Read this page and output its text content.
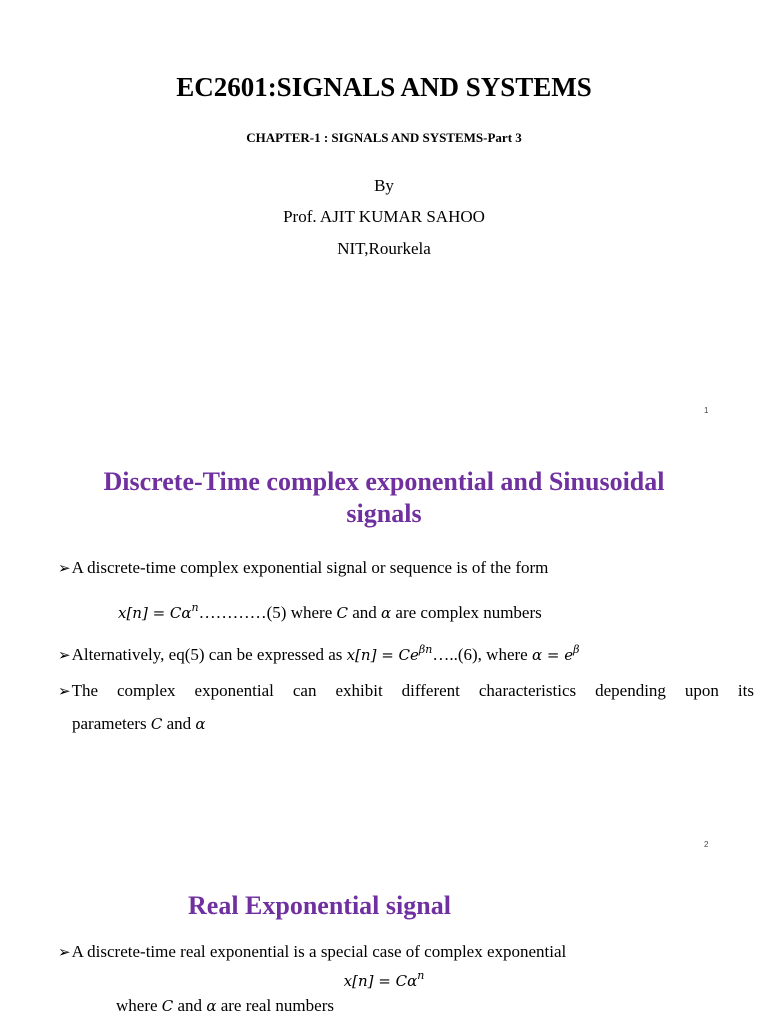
EC2601:SIGNALS AND SYSTEMS
CHAPTER-1 : SIGNALS AND SYSTEMS-Part 3
By
Prof. AJIT KUMAR SAHOO
NIT,Rourkela
1
Discrete-Time complex exponential and Sinusoidal
signals
➢A discrete-time complex exponential signal or sequence is of the form
$x[n] = C\alpha^n\dots\dots\dots\dots(5)$ where C and α are complex numbers
➢Alternatively, eq(5) can be expressed as $x[n] = Ce^{\beta n}\dots..(6)$, where $\alpha = e^\beta$
➢The complex exponential can exhibit different characteristics depending upon its
parameters C and α
2
Real Exponential signal
➢A discrete-time real exponential is a special case of complex exponential
$x[n] = C\alpha^n$
where C and α are real numbers
